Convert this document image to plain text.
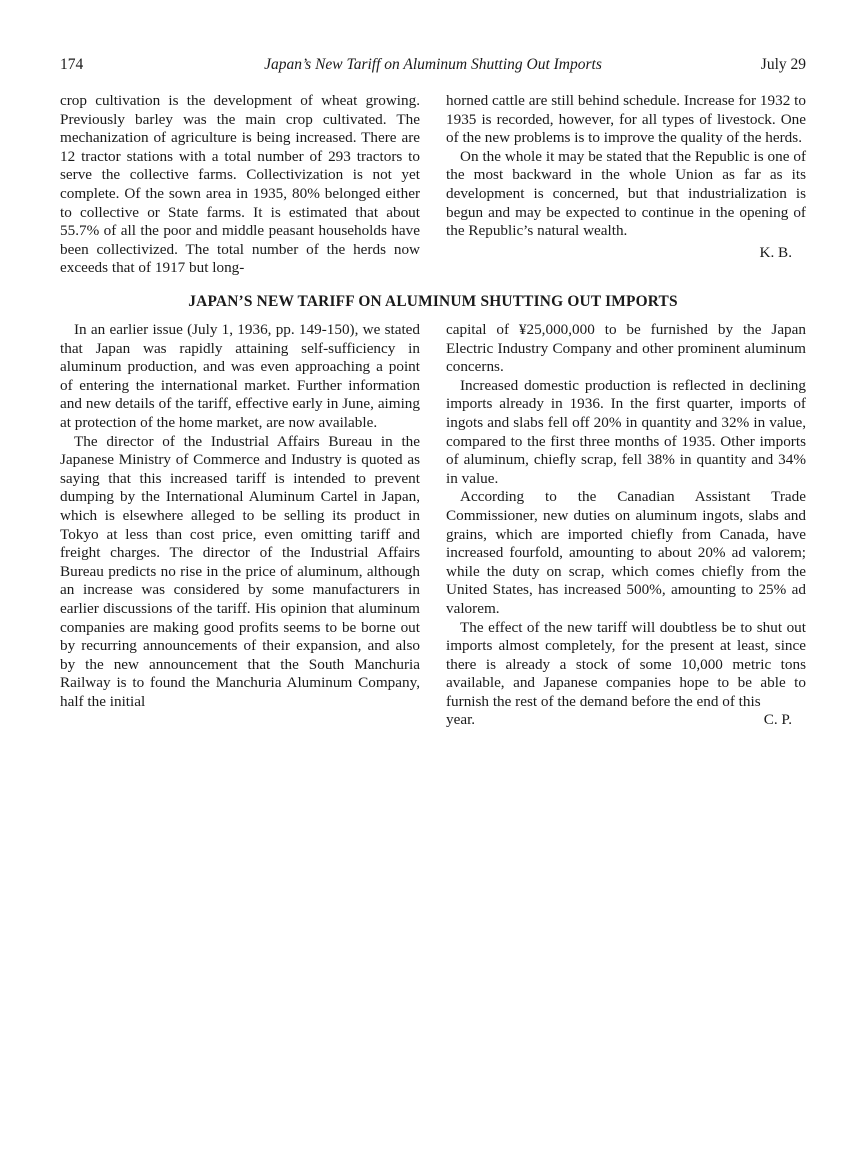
174	Japan’s New Tariff on Aluminum Shutting Out Imports	July 29

crop cultivation is the development of wheat growing. Previously barley was the main crop cultivated. The mechanization of agriculture is being increased. There are 12 tractor stations with a total number of 293 tractors to serve the collective farms. Collectivization is not yet complete. Of the sown area in 1935, 80% belonged either to collective or State farms. It is estimated that about 55.7% of all the poor and middle peasant households have been collectivized. The total number of the herds now exceeds that of 1917 but long-

horned cattle are still behind schedule. Increase for 1932 to 1935 is recorded, however, for all types of livestock. One of the new problems is to improve the quality of the herds.

On the whole it may be stated that the Republic is one of the most backward in the whole Union as far as its development is concerned, but that industrialization is begun and may be expected to continue in the opening of the Republic’s natural wealth.

K. B.
JAPAN’S NEW TARIFF ON ALUMINUM SHUTTING OUT IMPORTS

In an earlier issue (July 1, 1936, pp. 149-150), we stated that Japan was rapidly attaining self-sufficiency in aluminum production, and was even approaching a point of entering the international market. Further information and new details of the tariff, effective early in June, aiming at protection of the home market, are now available.

The director of the Industrial Affairs Bureau in the Japanese Ministry of Commerce and Industry is quoted as saying that this increased tariff is intended to prevent dumping by the International Aluminum Cartel in Japan, which is elsewhere alleged to be selling its product in Tokyo at less than cost price, even omitting tariff and freight charges. The director of the Industrial Affairs Bureau predicts no rise in the price of aluminum, although an increase was considered by some manufacturers in earlier discussions of the tariff. His opinion that aluminum companies are making good profits seems to be borne out by recurring announcements of their expansion, and also by the new announcement that the South Manchuria Railway is to found the Manchuria Aluminum Company, half the initial

capital of ¥25,000,000 to be furnished by the Japan Electric Industry Company and other prominent aluminum concerns.

Increased domestic production is reflected in declining imports already in 1936. In the first quarter, imports of ingots and slabs fell off 20% in quantity and 32% in value, compared to the first three months of 1935. Other imports of aluminum, chiefly scrap, fell 38% in quantity and 34% in value.

According to the Canadian Assistant Trade Commissioner, new duties on aluminum ingots, slabs and grains, which are imported chiefly from Canada, have increased fourfold, amounting to about 20% ad valorem; while the duty on scrap, which comes chiefly from the United States, has increased 500%, amounting to 25% ad valorem.

The effect of the new tariff will doubtless be to shut out imports almost completely, for the present at least, since there is already a stock of some 10,000 metric tons available, and Japanese companies hope to be able to furnish the rest of the demand before the end of this

year.	C. P.
